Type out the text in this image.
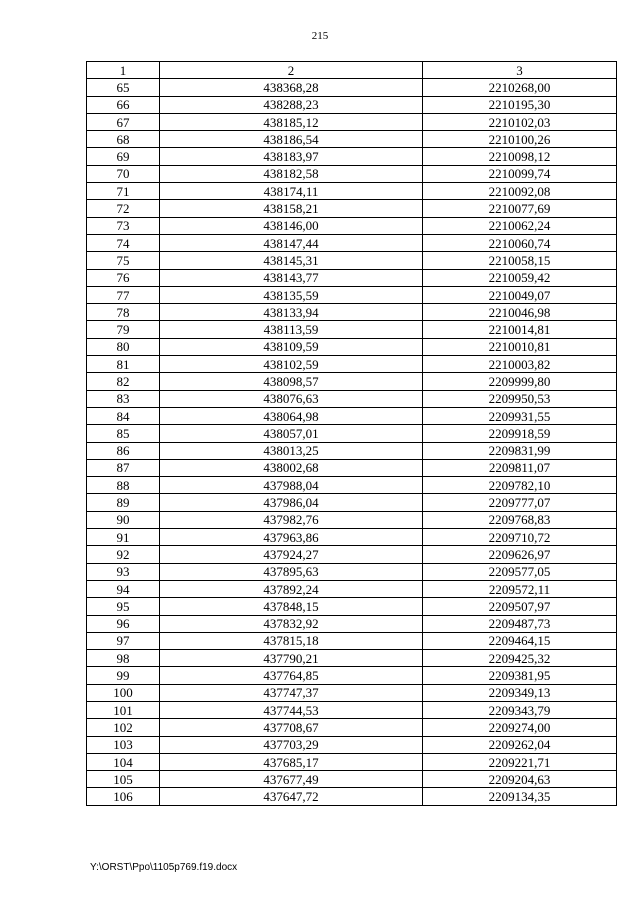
215
1	2	3
65	438368,28	2210268,00
66	438288,23	2210195,30
67	438185,12	2210102,03
68	438186,54	2210100,26
69	438183,97	2210098,12
70	438182,58	2210099,74
71	438174,11	2210092,08
72	438158,21	2210077,69
73	438146,00	2210062,24
74	438147,44	2210060,74
75	438145,31	2210058,15
76	438143,77	2210059,42
77	438135,59	2210049,07
78	438133,94	2210046,98
79	438113,59	2210014,81
80	438109,59	2210010,81
81	438102,59	2210003,82
82	438098,57	2209999,80
83	438076,63	2209950,53
84	438064,98	2209931,55
85	438057,01	2209918,59
86	438013,25	2209831,99
87	438002,68	2209811,07
88	437988,04	2209782,10
89	437986,04	2209777,07
90	437982,76	2209768,83
91	437963,86	2209710,72
92	437924,27	2209626,97
93	437895,63	2209577,05
94	437892,24	2209572,11
95	437848,15	2209507,97
96	437832,92	2209487,73
97	437815,18	2209464,15
98	437790,21	2209425,32
99	437764,85	2209381,95
100	437747,37	2209349,13
101	437744,53	2209343,79
102	437708,67	2209274,00
103	437703,29	2209262,04
104	437685,17	2209221,71
105	437677,49	2209204,63
106	437647,72	2209134,35
Y:\ORST\Ppo\1105p769.f19.docx
